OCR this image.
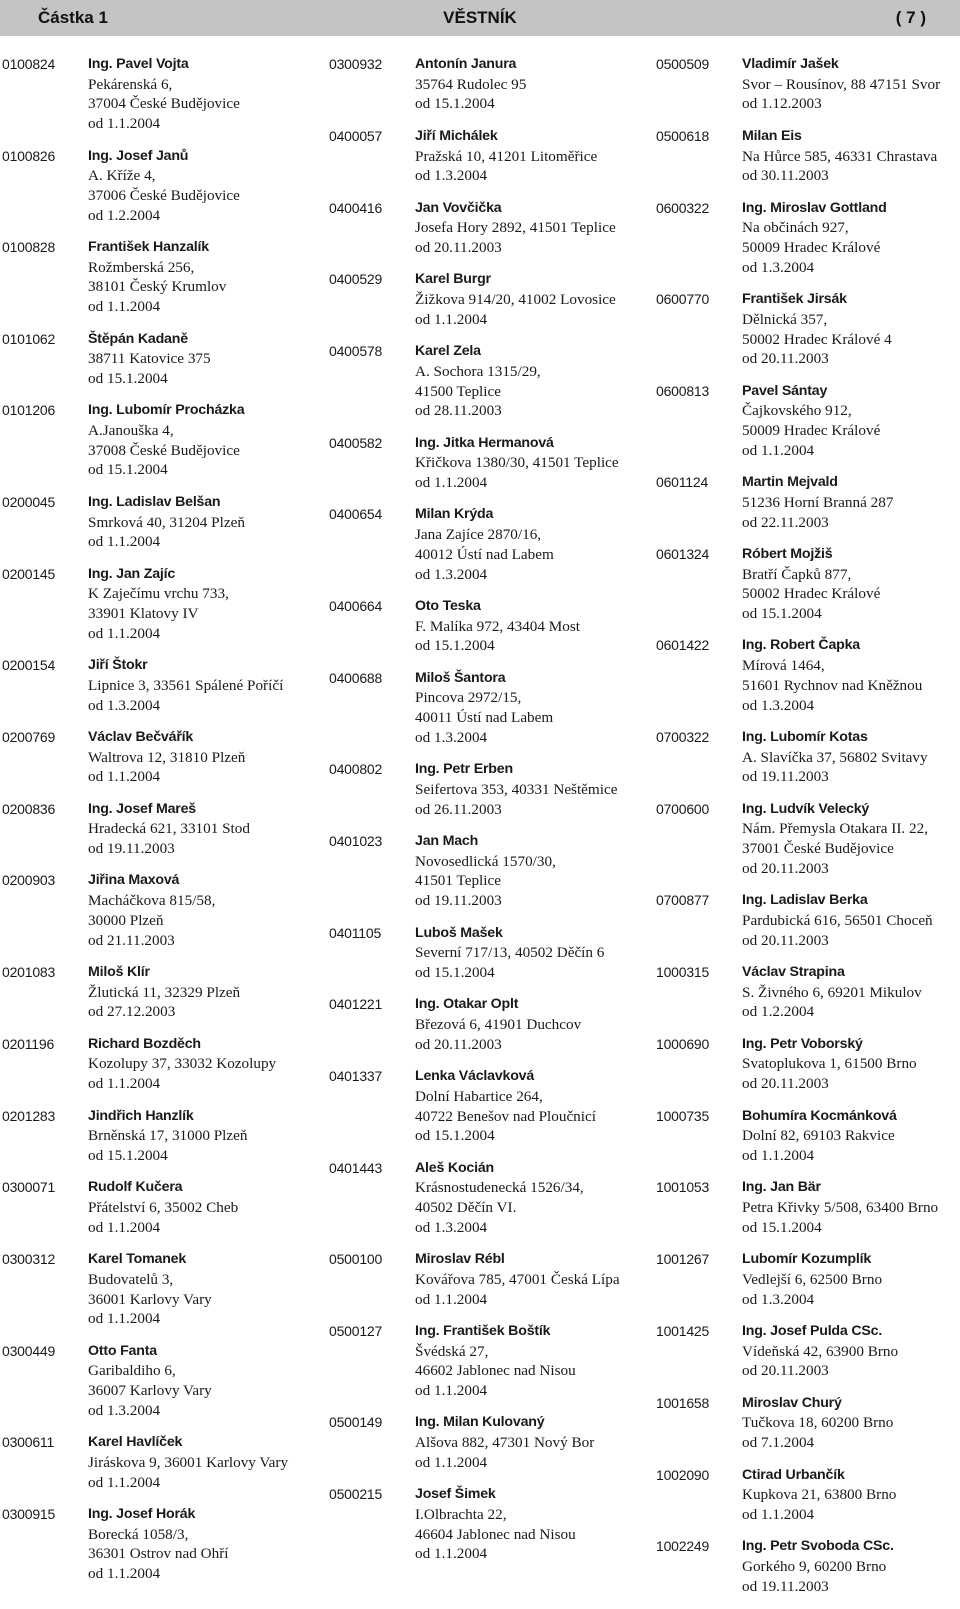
Částka 1	VĚSTNÍK	( 7 )
0100824 Ing. Pavel Vojta
Pekárenská 6,
37004 České Budějovice
od 1.1.2004
0100826 Ing. Josef Janů
A. Kříže 4,
37006 České Budějovice
od 1.2.2004
0100828 František Hanzalík
Rožmberská 256,
38101 Český Krumlov
od 1.1.2004
0101062 Štěpán Kadaně
38711 Katovice 375
od 15.1.2004
0101206 Ing. Lubomír Procházka
A.Janouška 4,
37008 České Budějovice
od 15.1.2004
0200045 Ing. Ladislav Belšan
Smrková 40, 31204 Plzeň
od 1.1.2004
0200145 Ing. Jan Zajíc
K Zaječímu vrchu 733,
33901 Klatovy IV
od 1.1.2004
0200154 Jiří Štokr
Lipnice 3, 33561 Spálené Poříčí
od 1.3.2004
0200769 Václav Bečvářík
Waltrova 12, 31810 Plzeň
od 1.1.2004
0200836 Ing. Josef Mareš
Hradecká 621, 33101 Stod
od 19.11.2003
0200903 Jiřina Maxová
Macháčkova 815/58,
30000 Plzeň
od 21.11.2003
0201083 Miloš Klír
Žlutická 11, 32329 Plzeň
od 27.12.2003
0201196 Richard Bozděch
Kozolupy 37, 33032 Kozolupy
od 1.1.2004
0201283 Jindřich Hanzlík
Brněnská 17, 31000 Plzeň
od 15.1.2004
0300071 Rudolf Kučera
Přátelství 6, 35002 Cheb
od 1.1.2004
0300312 Karel Tomanek
Budovatelů 3,
36001 Karlovy Vary
od 1.1.2004
0300449 Otto Fanta
Garibaldiho 6,
36007 Karlovy Vary
od 1.3.2004
0300611 Karel Havlíček
Jiráskova 9, 36001 Karlovy Vary
od 1.1.2004
0300915 Ing. Josef Horák
Borecká 1058/3,
36301 Ostrov nad Ohří
od 1.1.2004
0300932 Antonín Janura
35764 Rudolec 95
od 15.1.2004
0400057 Jiří Michálek
Pražská 10, 41201 Litoměřice
od 1.3.2004
0400416 Jan Vovčička
Josefa Hory 2892, 41501 Teplice
od 20.11.2003
0400529 Karel Burgr
Žižkova 914/20, 41002 Lovosice
od 1.1.2004
0400578 Karel Zela
A. Sochora 1315/29,
41500 Teplice
od 28.11.2003
0400582 Ing. Jitka Hermanová
Křičkova 1380/30, 41501 Teplice
od 1.1.2004
0400654 Milan Krýda
Jana Zajíce 2870/16,
40012 Ústí nad Labem
od 1.3.2004
0400664 Oto Teska
F. Malíka 972, 43404 Most
od 15.1.2004
0400688 Miloš Šantora
Pincova 2972/15,
40011 Ústí nad Labem
od 1.3.2004
0400802 Ing. Petr Erben
Seifertova 353, 40331 Neštěmice
od 26.11.2003
0401023 Jan Mach
Novosedlická 1570/30,
41501 Teplice
od 19.11.2003
0401105 Luboš Mašek
Severní 717/13, 40502 Děčín 6
od 15.1.2004
0401221 Ing. Otakar Oplt
Březová 6, 41901 Duchcov
od 20.11.2003
0401337 Lenka Václavková
Dolní Habartice 264,
40722 Benešov nad Ploučnicí
od 15.1.2004
0401443 Aleš Kocián
Krásnostudenecká 1526/34,
40502 Děčín VI.
od 1.3.2004
0500100 Miroslav Rébl
Kovářova 785, 47001 Česká Lípa
od 1.1.2004
0500127 Ing. František Boštík
Švédská 27,
46602 Jablonec nad Nisou
od 1.1.2004
0500149 Ing. Milan Kulovaný
Alšova 882, 47301 Nový Bor
od 1.1.2004
0500215 Josef Šimek
I.Olbrachta 22,
46604 Jablonec nad Nisou
od 1.1.2004
0500509 Vladimír Jašek
Svor – Rousínov, 88 47151 Svor
od 1.12.2003
0500618 Milan Eis
Na Hůrce 585, 46331 Chrastava
od 30.11.2003
0600322 Ing. Miroslav Gottland
Na občinách 927,
50009 Hradec Králové
od 1.3.2004
0600770 František Jirsák
Dělnická 357,
50002 Hradec Králové 4
od 20.11.2003
0600813 Pavel Sántay
Čajkovského 912,
50009 Hradec Králové
od 1.1.2004
0601124 Martin Mejvald
51236 Horní Branná 287
od 22.11.2003
0601324 Róbert Mojžiš
Bratří Čapků 877,
50002 Hradec Králové
od 15.1.2004
0601422 Ing. Robert Čapka
Mírová 1464,
51601 Rychnov nad Kněžnou
od 1.3.2004
0700322 Ing. Lubomír Kotas
A. Slavíčka 37, 56802 Svitavy
od 19.11.2003
0700600 Ing. Ludvík Velecký
Nám. Přemysla Otakara II. 22,
37001 České Budějovice
od 20.11.2003
0700877 Ing. Ladislav Berka
Pardubická 616, 56501 Choceň
od 20.11.2003
1000315 Václav Strapina
S. Živného 6, 69201 Mikulov
od 1.2.2004
1000690 Ing. Petr Voborský
Svatoplukova 1, 61500 Brno
od 20.11.2003
1000735 Bohumíra Kocmánková
Dolní 82, 69103 Rakvice
od 1.1.2004
1001053 Ing. Jan Bär
Petra Křivky 5/508, 63400 Brno
od 15.1.2004
1001267 Lubomír Kozumplík
Vedlejší 6, 62500 Brno
od 1.3.2004
1001425 Ing. Josef Pulda CSc.
Vídeňská 42, 63900 Brno
od 20.11.2003
1001658 Miroslav Churý
Tučkova 18, 60200 Brno
od 7.1.2004
1002090 Ctirad Urbančík
Kupkova 21, 63800 Brno
od 1.1.2004
1002249 Ing. Petr Svoboda CSc.
Gorkého 9, 60200 Brno
od 19.11.2003
